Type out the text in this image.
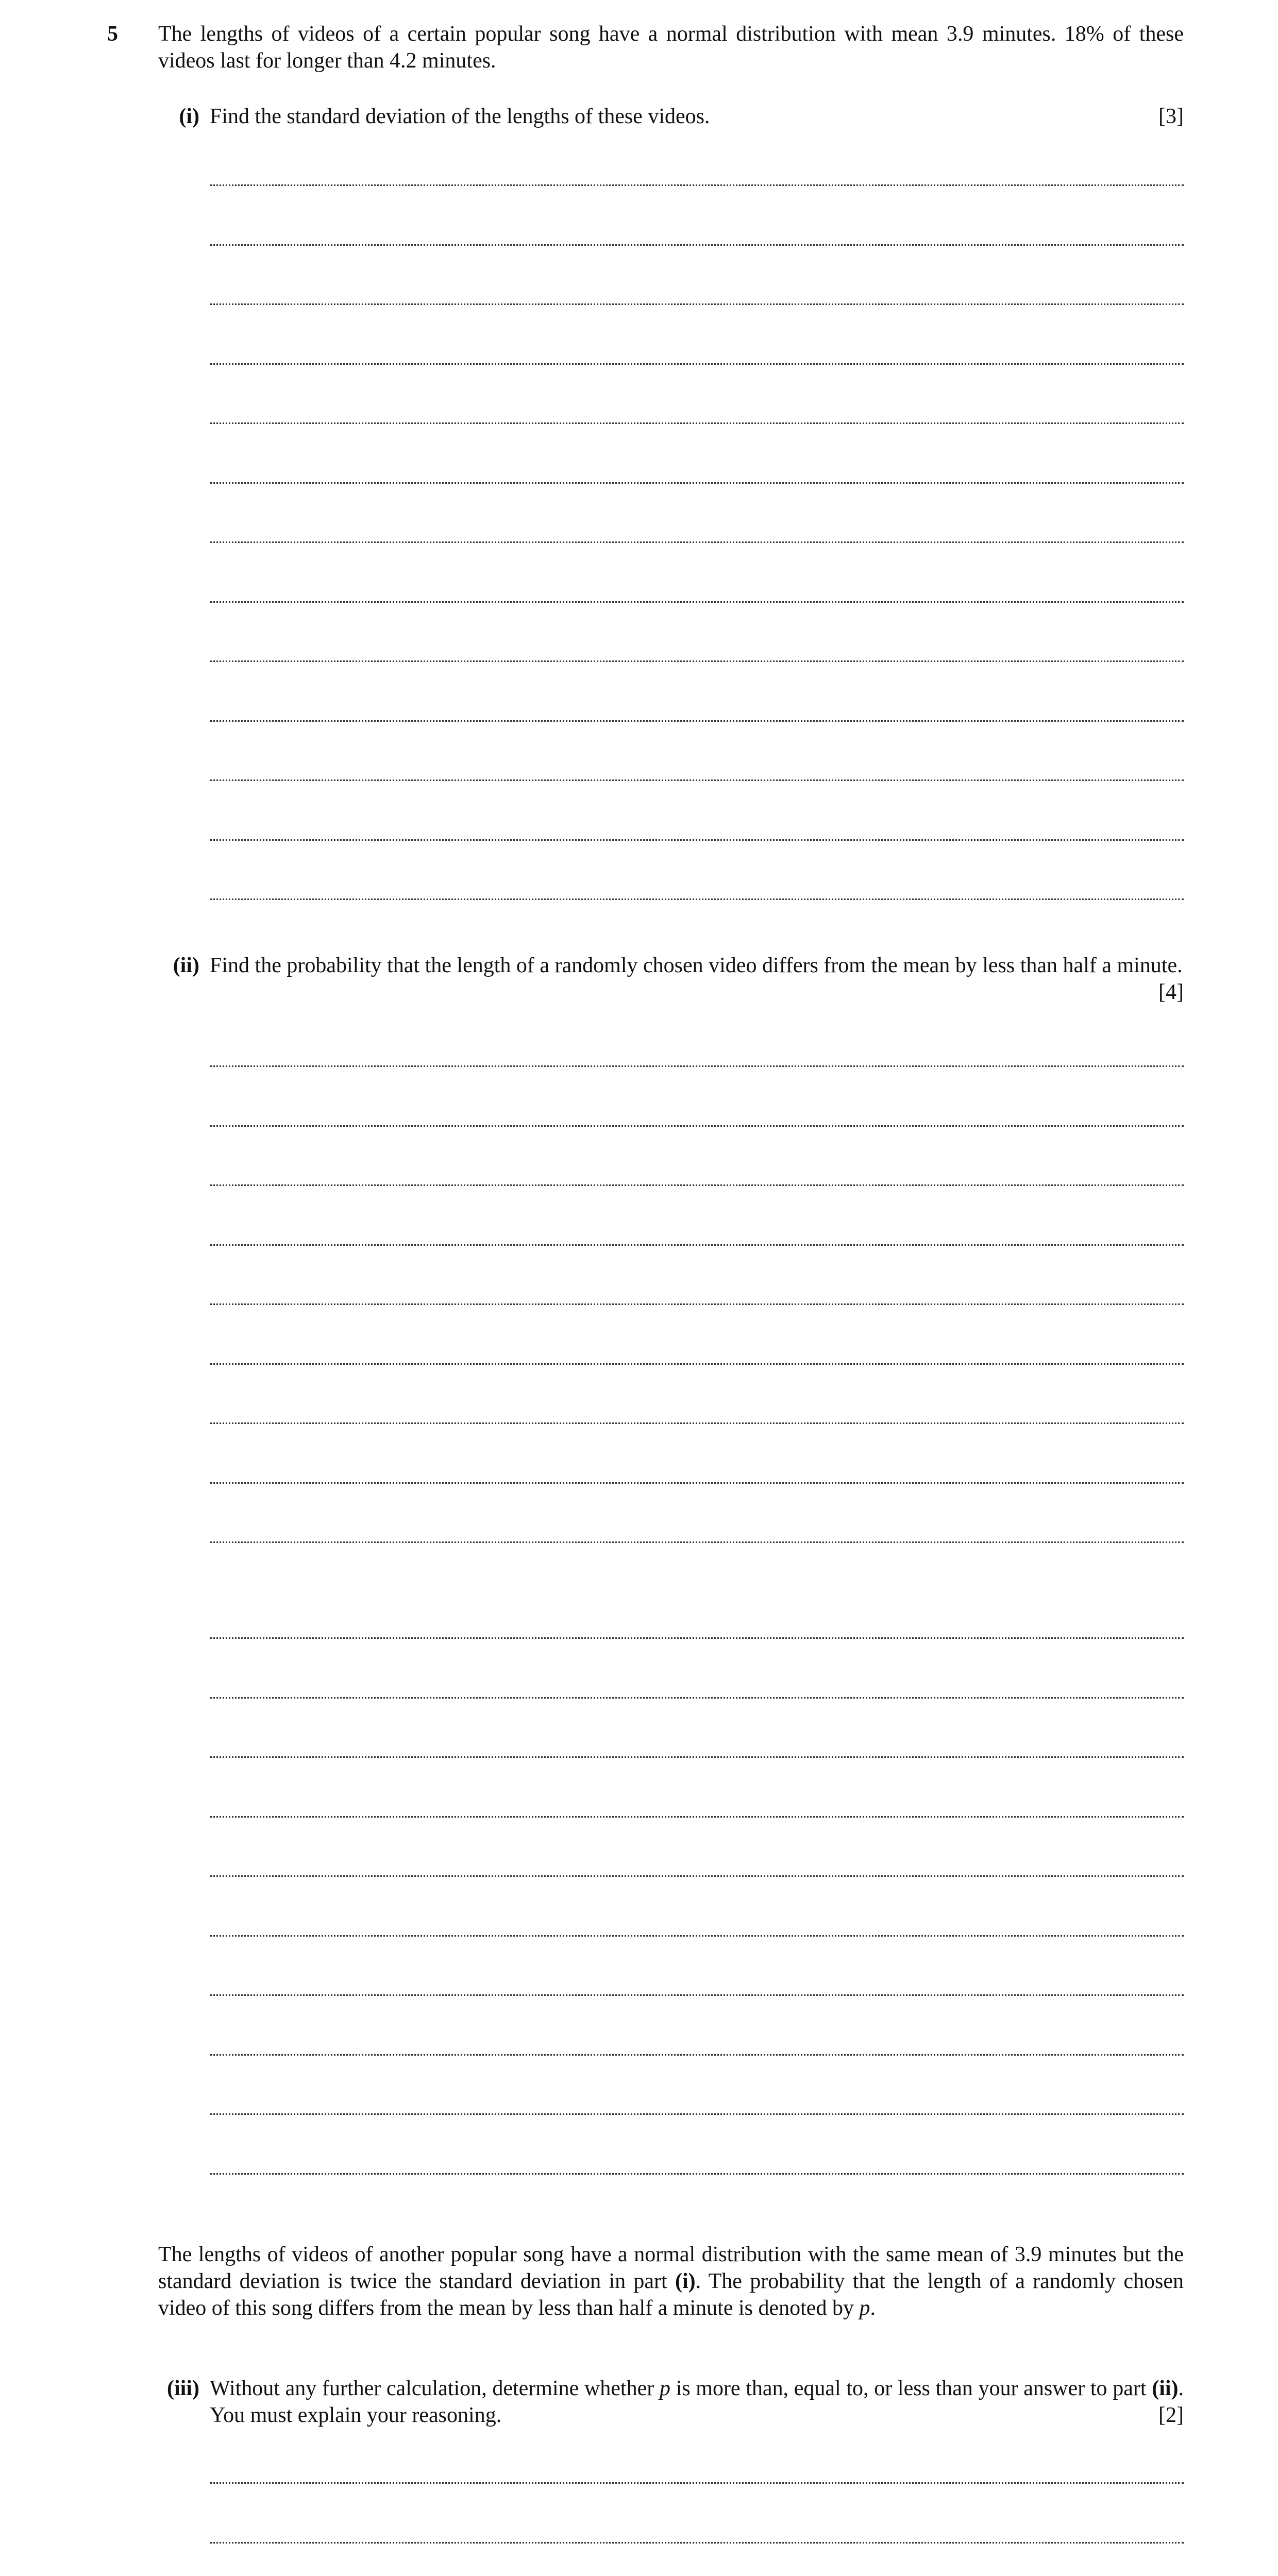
5 The lengths of videos of a certain popular song have a normal distribution with mean 3.9 minutes. 18% of these videos last for longer than 4.2 minutes.

(i) Find the standard deviation of the lengths of these videos.	[3]
(ii) Find the probability that the length of a randomly chosen video differs from the mean by less than half a minute.

[4]

The lengths of videos of another popular song have a normal distribution with the same mean of 3.9 minutes but the standard deviation is twice the standard deviation in part (i). The probability that the length of a randomly chosen video of this song differs from the mean by less than half a minute is denoted by p.

(iii) Without any further calculation, determine whether p is more than, equal to, or less than your answer to part (ii). You must explain your reasoning.	[2]
